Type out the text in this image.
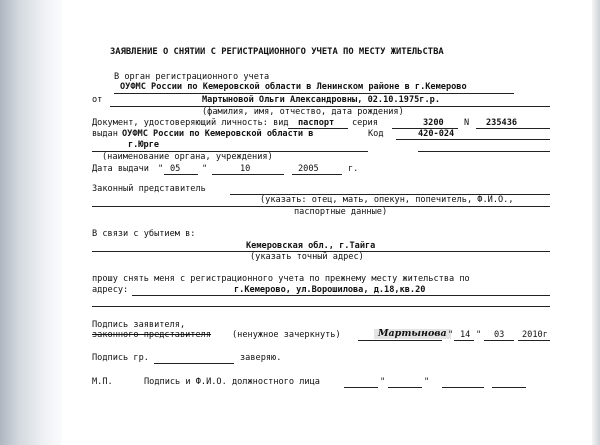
ЗАЯВЛЕНИЕ О СНЯТИИ С РЕГИСТРАЦИОННОГО УЧЕТА ПО МЕСТУ ЖИТЕЛЬСТВА
В орган регистрационного учета
ОУФМС России по Кемеровской области в Ленинском районе в г.Кемерово
от	Мартыновой Ольги Александровны, 02.10.1975г.р.
(фамилия, имя, отчество, дата рождения)
Документ, удостоверяющий личность: вид паспорт серия	3200 N 235436
выдан ОУФМС России по Кемеровской области в	Код	420-024
г.Юрге
(наименование органа, учреждения)
Дата выдачи " 05	"	10	2005	г.
Законный представитель
(указать: отец, мать, опекун, попечитель, Ф.И.О.,
паспортные данные)
В связи с убытием в:
Кемеровская обл., г.Тайга
(указать точный адрес)
прошу снять меня с регистрационного учета по прежнему месту жительства по
адресу:	г.Кемерово, ул.Ворошилова, д.18,кв.20
Подпись заявителя,
законного представителя (ненужное зачеркнуть)	Мартынова " 14 " 03 2010г
Подпись гр.	заверяю.
М.П.	Подпись и Ф.И.О. должностного лица	"	"
